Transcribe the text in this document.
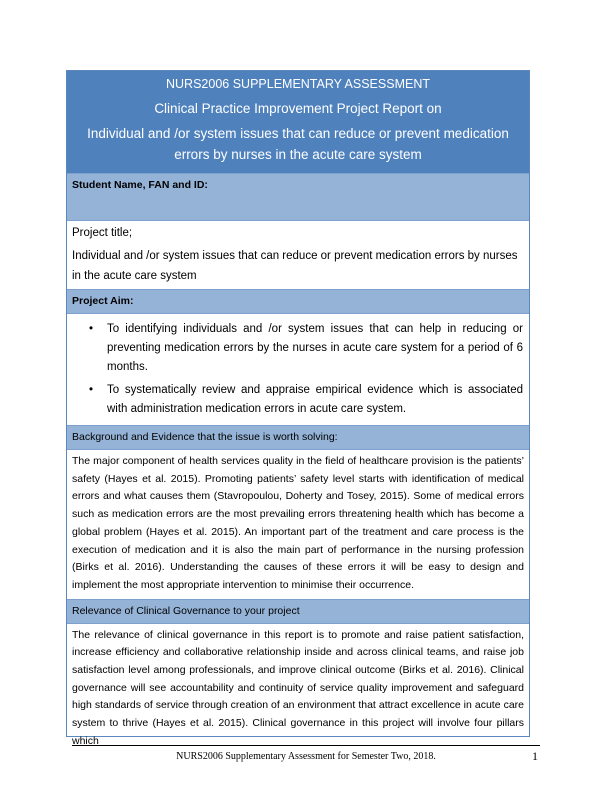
NURS2006 SUPPLEMENTARY ASSESSMENT
Clinical Practice Improvement Project Report on
Individual and /or system issues that can reduce or prevent medication errors by nurses in the acute care system
Student Name, FAN and ID:

Project title;

Individual and /or system issues that can reduce or prevent medication errors by nurses in the acute care system

Project Aim:
• To identifying individuals and /or system issues that can help in reducing or preventing medication errors by the nurses in acute care system for a period of 6 months.
• To systematically review and appraise empirical evidence which is associated with administration medication errors in acute care system.
Background and Evidence that the issue is worth solving:
The major component of health services quality in the field of healthcare provision is the patients’ safety (Hayes et al. 2015). Promoting patients’ safety level starts with identification of medical errors and what causes them (Stavropoulou, Doherty and Tosey, 2015). Some of medical errors such as medication errors are the most prevailing errors threatening health which has become a global problem (Hayes et al. 2015). An important part of the treatment and care process is the execution of medication and it is also the main part of performance in the nursing profession (Birks et al. 2016). Understanding the causes of these errors it will be easy to design and implement the most appropriate intervention to minimise their occurrence.
Relevance of Clinical Governance to your project
The relevance of clinical governance in this report is to promote and raise patient satisfaction, increase efficiency and collaborative relationship inside and across clinical teams, and raise job satisfaction level among professionals, and improve clinical outcome (Birks et al. 2016). Clinical governance will see accountability and continuity of service quality improvement and safeguard high standards of service through creation of an environment that attract excellence in acute care system to thrive (Hayes et al. 2015). Clinical governance in this project will involve four pillars which
NURS2006 Supplementary Assessment for Semester Two, 2018.	1
